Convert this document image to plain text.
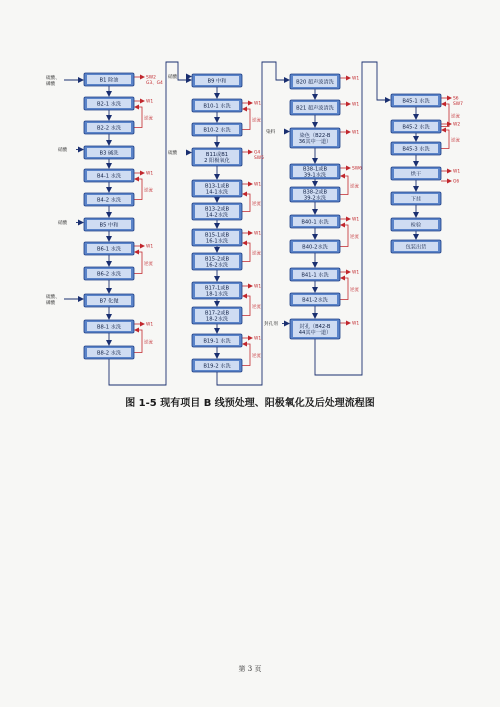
B1 除油
B2-1 水洗
B2-2 水洗
B3 碱洗
B4-1 水洗
B4-2 水洗
B5 中和
B6-1 水洗
B6-2 水洗
B7 化抛
B8-1 水洗
B8-2 水洗
B9 中和
B10-1 水洗
B10-2 水洗
B11或B1 2 阳极氧化
B13-1或B 14-1水洗
B13-2或B 14-2水洗
B15-1或B 16-1水洗
B15-2或B 16-2水洗
B17-1或B 18-1水洗
B17-2或B 18-2水洗
B19-1 水洗
B19-2 水洗
B20 超声波清洗
B21 超声波清洗
染色（B22-B 36其中一道）
B38-1或B 39-1水洗
B38-2或B 39-2水洗
B40-1 水洗
B40-2水洗
B41-1 水洗
B41-2水洗
封孔（B42-B 44其中一道）
B45-1 水洗
B45-2 水洗
B45-3 水洗
烘干
下挂
检验
包装出货
硫酸、磷酸
硝酸
硝酸
硫酸、磷酸
硝酸
硫酸
染料
封孔剂
SW2 G3、G4
W1
W1
W1
W1
W1
G4 SW5
W1
W1
W1
W1
W1
W1
W1
SW6
W1
W1
W1
S6 SW7
W2
W1
G6
逆流
逆流
逆流
逆流
逆流
逆流
逆流
逆流
逆流
逆流
逆流
逆流
逆流
逆流
图 1-5 现有项目 B 线预处理、阳极氧化及后处理流程图
第 3 页
